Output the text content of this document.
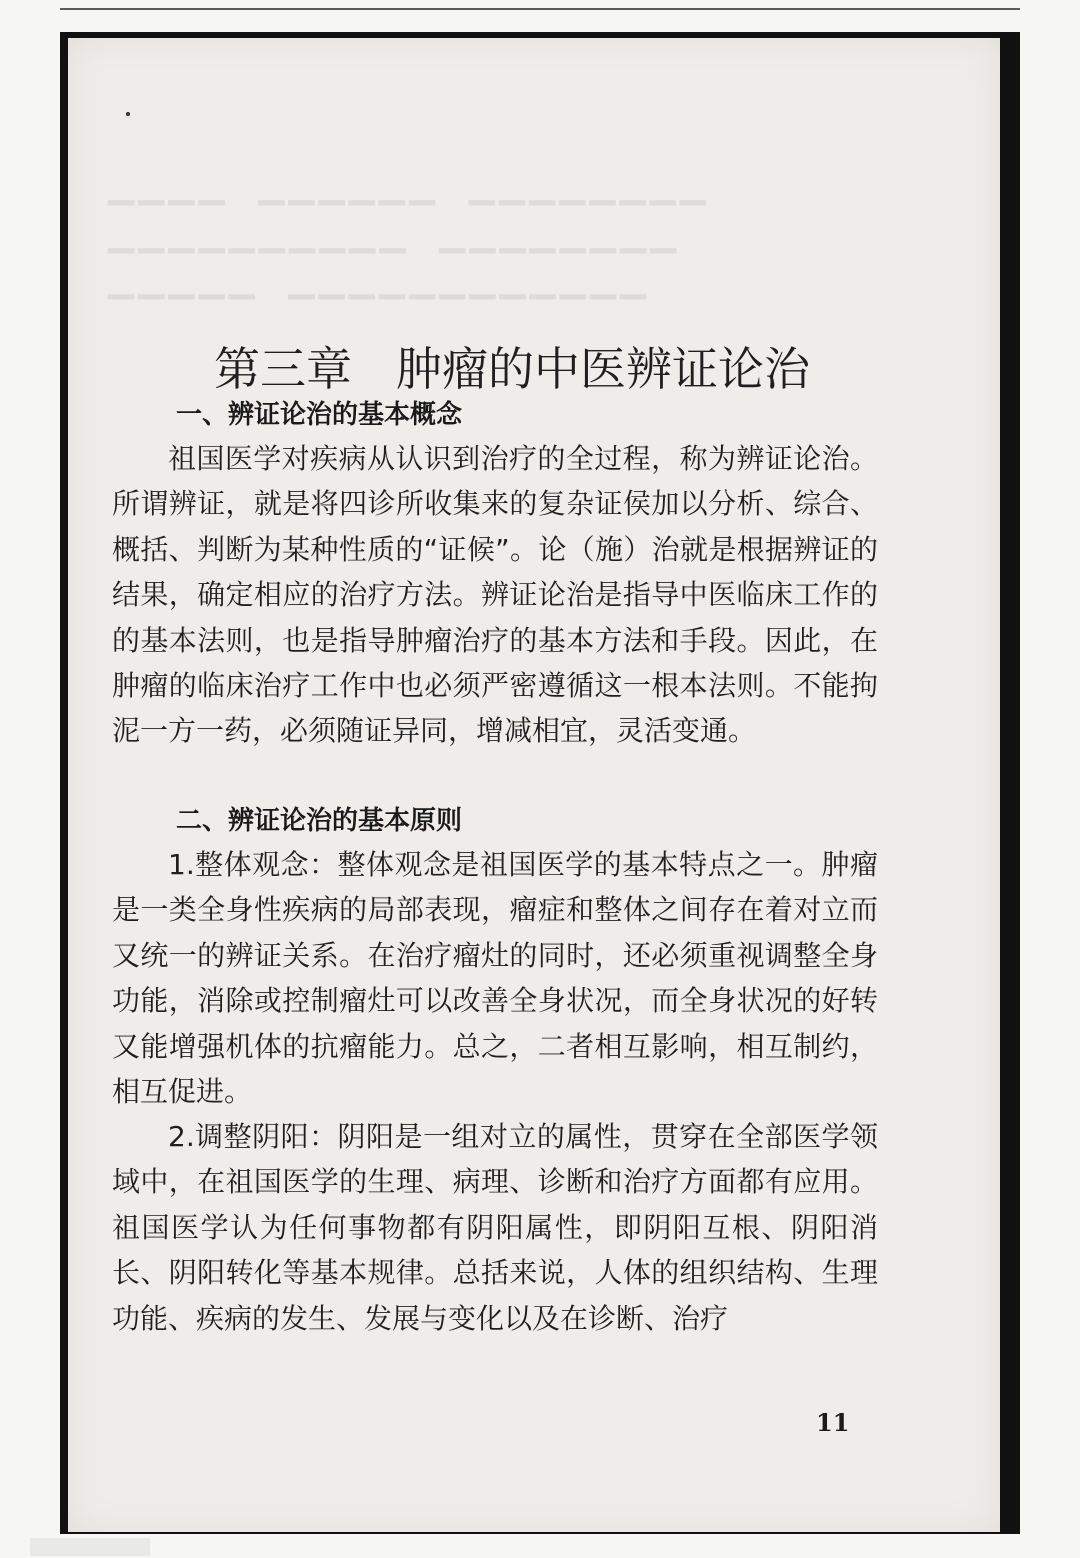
▁▁▁▁  ▁▁▁▁▁▁  ▁▁▁▁▁▁▁▁
▁▁▁▁▁▁▁▁▁▁  ▁▁▁▁▁▁▁▁
▁▁▁▁▁  ▁▁▁▁▁▁▁▁▁▁▁▁
第三章 肿瘤的中医辨证论治
一、辨证论治的基本概念
祖国医学对疾病从认识到治疗的全过程，称为辨证论治。所谓辨证，就是将四诊所收集来的复杂证侯加以分析、综合、概括、判断为某种性质的“证候”。论（施）治就是根据辨证的结果，确定相应的治疗方法。辨证论治是指导中医临床工作的的基本法则，也是指导肿瘤治疗的基本方法和手段。因此，在肿瘤的临床治疗工作中也必须严密遵循这一根本法则。不能拘泥一方一药，必须随证异同，增减相宜，灵活变通。
二、辨证论治的基本原则
1.整体观念：整体观念是祖国医学的基本特点之一。肿瘤是一类全身性疾病的局部表现，瘤症和整体之间存在着对立而又统一的辨证关系。在治疗瘤灶的同时，还必须重视调整全身功能，消除或控制瘤灶可以改善全身状况，而全身状况的好转又能增强机体的抗瘤能力。总之，二者相互影响，相互制约，相互促进。
2.调整阴阳：阴阳是一组对立的属性，贯穿在全部医学领域中，在祖国医学的生理、病理、诊断和治疗方面都有应用。祖国医学认为任何事物都有阴阳属性，即阴阳互根、阴阳消长、阴阳转化等基本规律。总括来说，人体的组织结构、生理功能、疾病的发生、发展与变化以及在诊断、治疗
11
